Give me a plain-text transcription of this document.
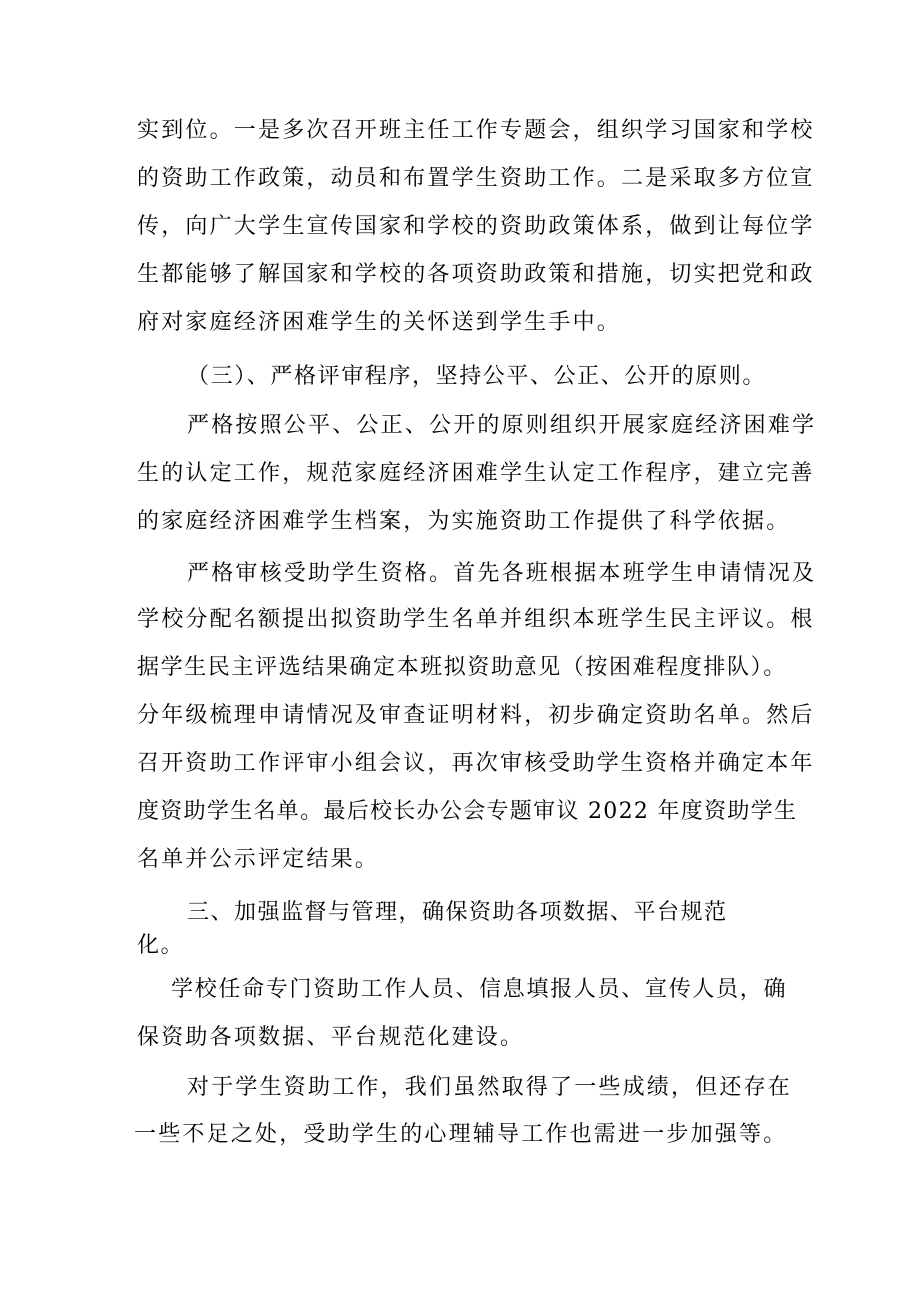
实到位。一是多次召开班主任工作专题会，组织学习国家和学校
的资助工作政策，动员和布置学生资助工作。二是采取多方位宣
传，向广大学生宣传国家和学校的资助政策体系，做到让每位学
生都能够了解国家和学校的各项资助政策和措施，切实把党和政
府对家庭经济困难学生的关怀送到学生手中。
（三）、严格评审程序，坚持公平、公正、公开的原则。
严格按照公平、公正、公开的原则组织开展家庭经济困难学
生的认定工作，规范家庭经济困难学生认定工作程序，建立完善
的家庭经济困难学生档案，为实施资助工作提供了科学依据。
严格审核受助学生资格。首先各班根据本班学生申请情况及
学校分配名额提出拟资助学生名单并组织本班学生民主评议。根
据学生民主评选结果确定本班拟资助意见（按困难程度排队）。
分年级梳理申请情况及审查证明材料，初步确定资助名单。然后
召开资助工作评审小组会议，再次审核受助学生资格并确定本年
度资助学生名单。最后校长办公会专题审议 2022 年度资助学生
名单并公示评定结果。
三、加强监督与管理，确保资助各项数据、平台规范
化。
学校任命专门资助工作人员、信息填报人员、宣传人员，确
保资助各项数据、平台规范化建设。
对于学生资助工作，我们虽然取得了一些成绩，但还存在
一些不足之处，受助学生的心理辅导工作也需进一步加强等。
